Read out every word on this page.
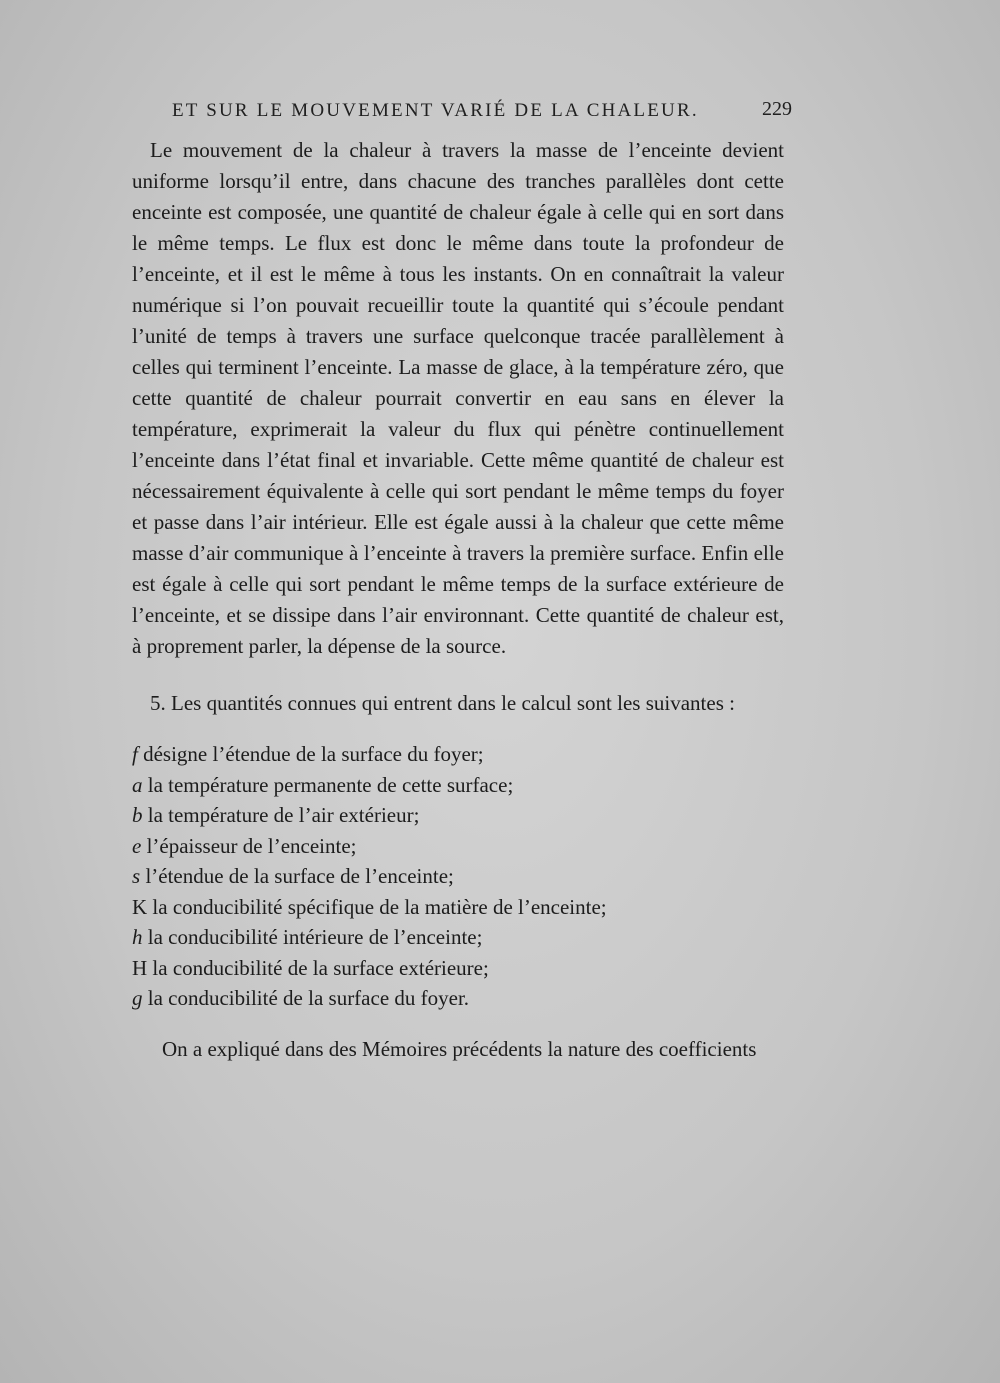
ET SUR LE MOUVEMENT VARIÉ DE LA CHALEUR.	229

Le mouvement de la chaleur à travers la masse de l’enceinte devient uniforme lorsqu’il entre, dans chacune des tranches parallèles dont cette enceinte est composée, une quantité de chaleur égale à celle qui en sort dans le même temps. Le flux est donc le même dans toute la profondeur de l’enceinte, et il est le même à tous les instants. On en connaîtrait la valeur numérique si l’on pouvait recueillir toute la quantité qui s’écoule pendant l’unité de temps à travers une surface quelconque tracée parallèlement à celles qui terminent l’enceinte. La masse de glace, à la température zéro, que cette quantité de chaleur pourrait convertir en eau sans en élever la température, exprimerait la valeur du flux qui pénètre continuellement l’enceinte dans l’état final et invariable. Cette même quantité de chaleur est nécessairement équivalente à celle qui sort pendant le même temps du foyer et passe dans l’air intérieur. Elle est égale aussi à la chaleur que cette même masse d’air communique à l’enceinte à travers la première surface. Enfin elle est égale à celle qui sort pendant le même temps de la surface extérieure de l’enceinte, et se dissipe dans l’air environnant. Cette quantité de chaleur est, à proprement parler, la dépense de la source.

5. Les quantités connues qui entrent dans le calcul sont les suivantes :

f désigne l’étendue de la surface du foyer;
a la température permanente de cette surface;
b la température de l’air extérieur;
e l’épaisseur de l’enceinte;
s l’étendue de la surface de l’enceinte;
K la conducibilité spécifique de la matière de l’enceinte;
h la conducibilité intérieure de l’enceinte;
H la conducibilité de la surface extérieure;
g la conducibilité de la surface du foyer.

On a expliqué dans des Mémoires précédents la nature des coefficients
